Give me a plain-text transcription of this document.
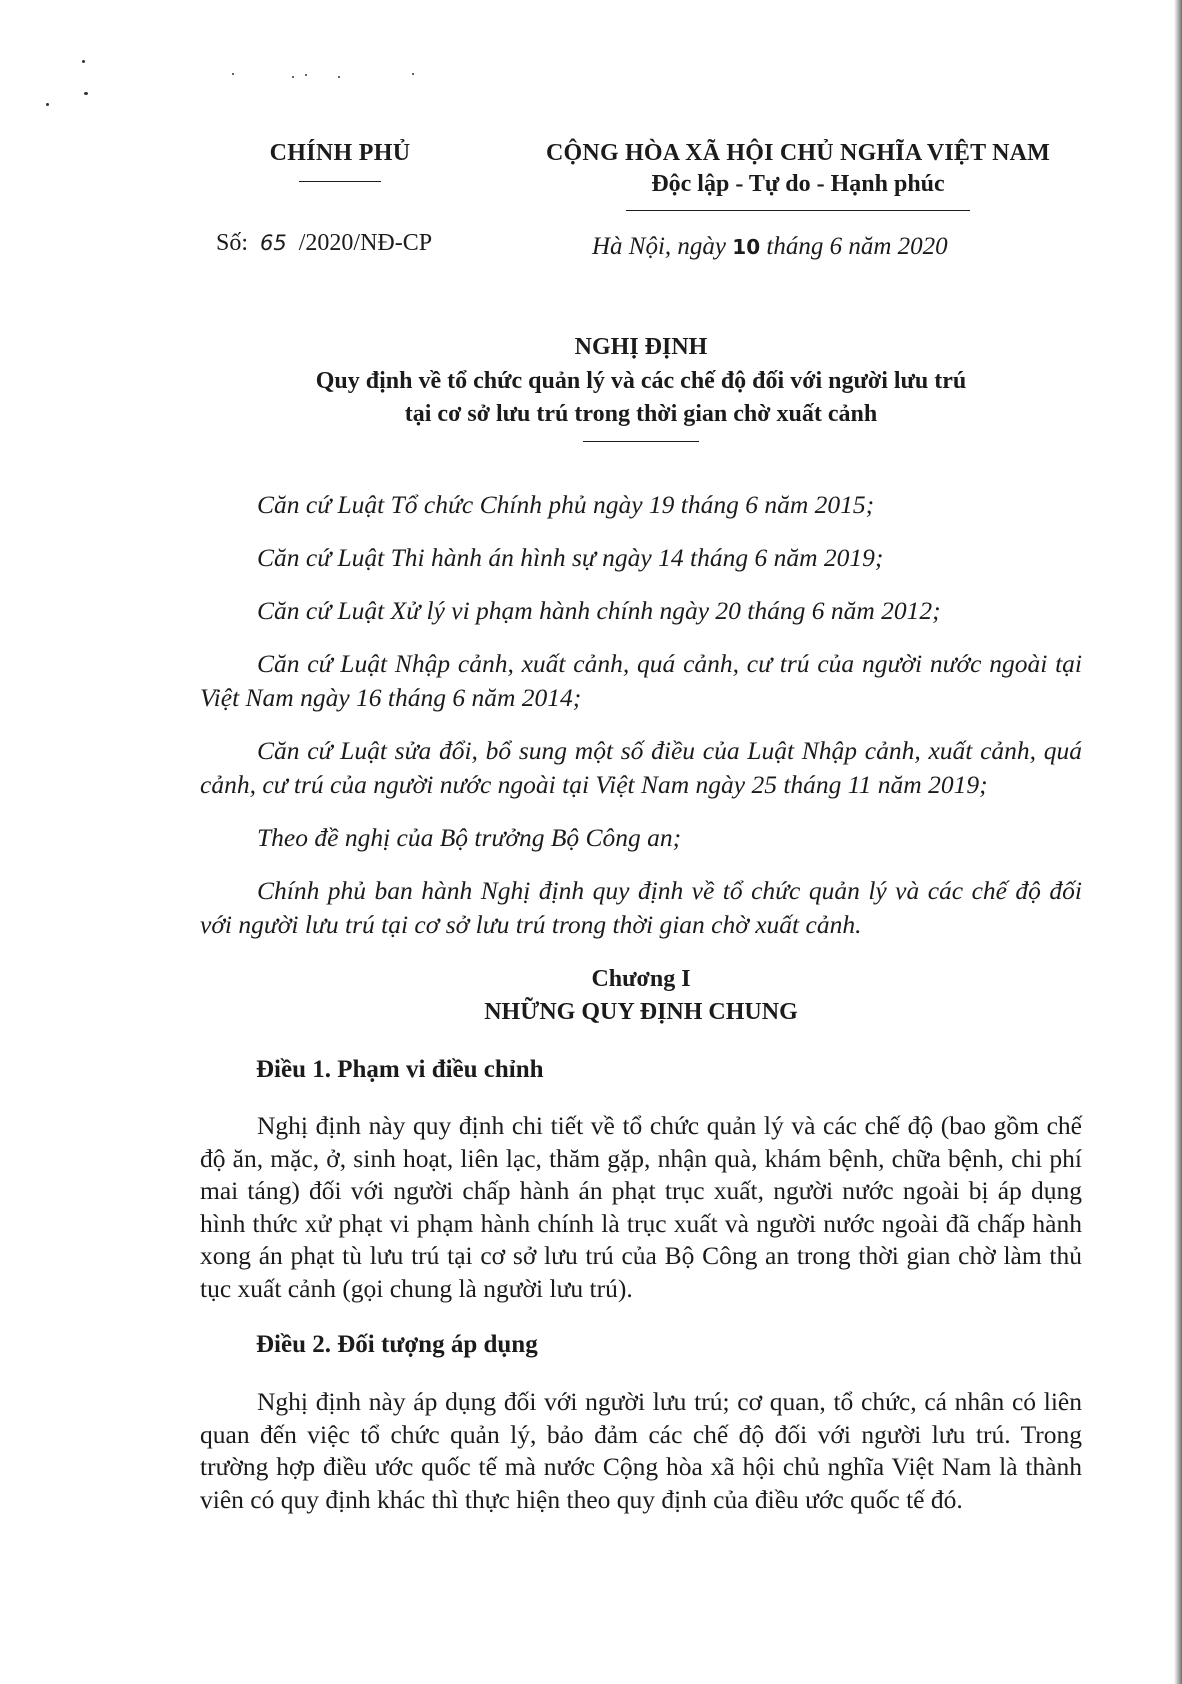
CHÍNH PHỦ	CỘNG HÒA XÃ HỘI CHỦ NGHĨA VIỆT NAM
Độc lập - Tự do - Hạnh phúc
Số: 65 /2020/NĐ-CP	Hà Nội, ngày 10 tháng 6 năm 2020
NGHỊ ĐỊNH
Quy định về tổ chức quản lý và các chế độ đối với người lưu trú
tại cơ sở lưu trú trong thời gian chờ xuất cảnh

Căn cứ Luật Tổ chức Chính phủ ngày 19 tháng 6 năm 2015;

Căn cứ Luật Thi hành án hình sự ngày 14 tháng 6 năm 2019;

Căn cứ Luật Xử lý vi phạm hành chính ngày 20 tháng 6 năm 2012;

Căn cứ Luật Nhập cảnh, xuất cảnh, quá cảnh, cư trú của người nước ngoài tại Việt Nam ngày 16 tháng 6 năm 2014;

Căn cứ Luật sửa đổi, bổ sung một số điều của Luật Nhập cảnh, xuất cảnh, quá cảnh, cư trú của người nước ngoài tại Việt Nam ngày 25 tháng 11 năm 2019;

Theo đề nghị của Bộ trưởng Bộ Công an;

Chính phủ ban hành Nghị định quy định về tổ chức quản lý và các chế độ đối với người lưu trú tại cơ sở lưu trú trong thời gian chờ xuất cảnh.

Chương I
NHỮNG QUY ĐỊNH CHUNG
Điều 1. Phạm vi điều chỉnh

Nghị định này quy định chi tiết về tổ chức quản lý và các chế độ (bao gồm chế độ ăn, mặc, ở, sinh hoạt, liên lạc, thăm gặp, nhận quà, khám bệnh, chữa bệnh, chi phí mai táng) đối với người chấp hành án phạt trục xuất, người nước ngoài bị áp dụng hình thức xử phạt vi phạm hành chính là trục xuất và người nước ngoài đã chấp hành xong án phạt tù lưu trú tại cơ sở lưu trú của Bộ Công an trong thời gian chờ làm thủ tục xuất cảnh (gọi chung là người lưu trú).

Điều 2. Đối tượng áp dụng

Nghị định này áp dụng đối với người lưu trú; cơ quan, tổ chức, cá nhân có liên quan đến việc tổ chức quản lý, bảo đảm các chế độ đối với người lưu trú. Trong trường hợp điều ước quốc tế mà nước Cộng hòa xã hội chủ nghĩa Việt Nam là thành viên có quy định khác thì thực hiện theo quy định của điều ước quốc tế đó.
